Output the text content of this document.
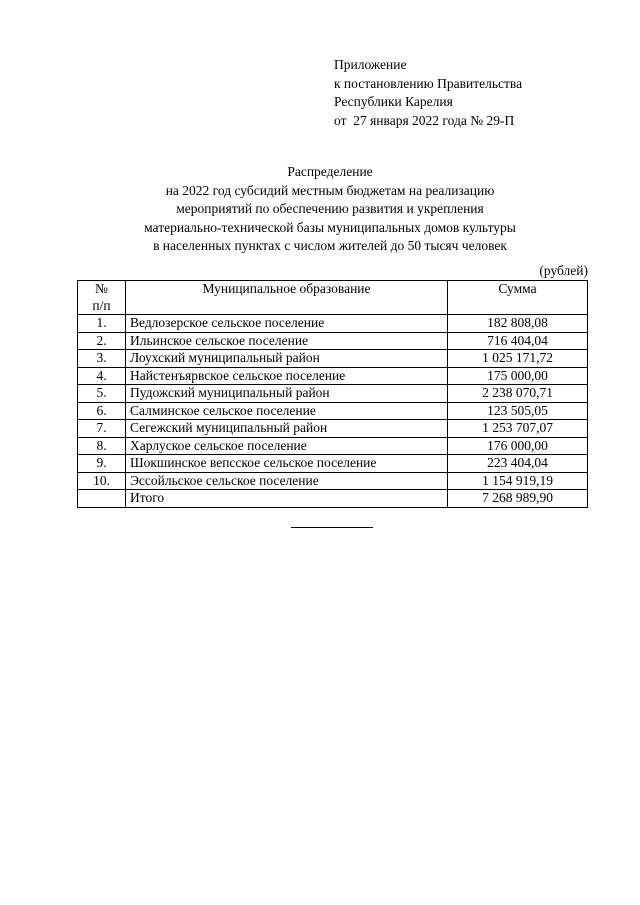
Приложение
к постановлению Правительства
Республики Карелия
от  27 января 2022 года № 29-П
Распределение
на 2022 год субсидий местным бюджетам на реализацию
мероприятий по обеспечению развития и укрепления
материально-технической базы муниципальных домов культуры
в населенных пунктах с числом жителей до 50 тысяч человек
(рублей)
№
п/п	Муниципальное образование	Сумма
1.	Ведлозерское сельское поселение	182 808,08
2.	Ильинское сельское поселение	716 404,04
3.	Лоухский муниципальный район	1 025 171,72
4.	Найстенъярвское сельское поселение	175 000,00
5.	Пудожский муниципальный район	2 238 070,71
6.	Салминское сельское поселение	123 505,05
7.	Сегежский муниципальный район	1 253 707,07
8.	Харлуское сельское поселение	176 000,00
9.	Шокшинское вепсское сельское поселение	223 404,04
10.	Эссойльское сельское поселение	1 154 919,19
	Итого	7 268 989,90
